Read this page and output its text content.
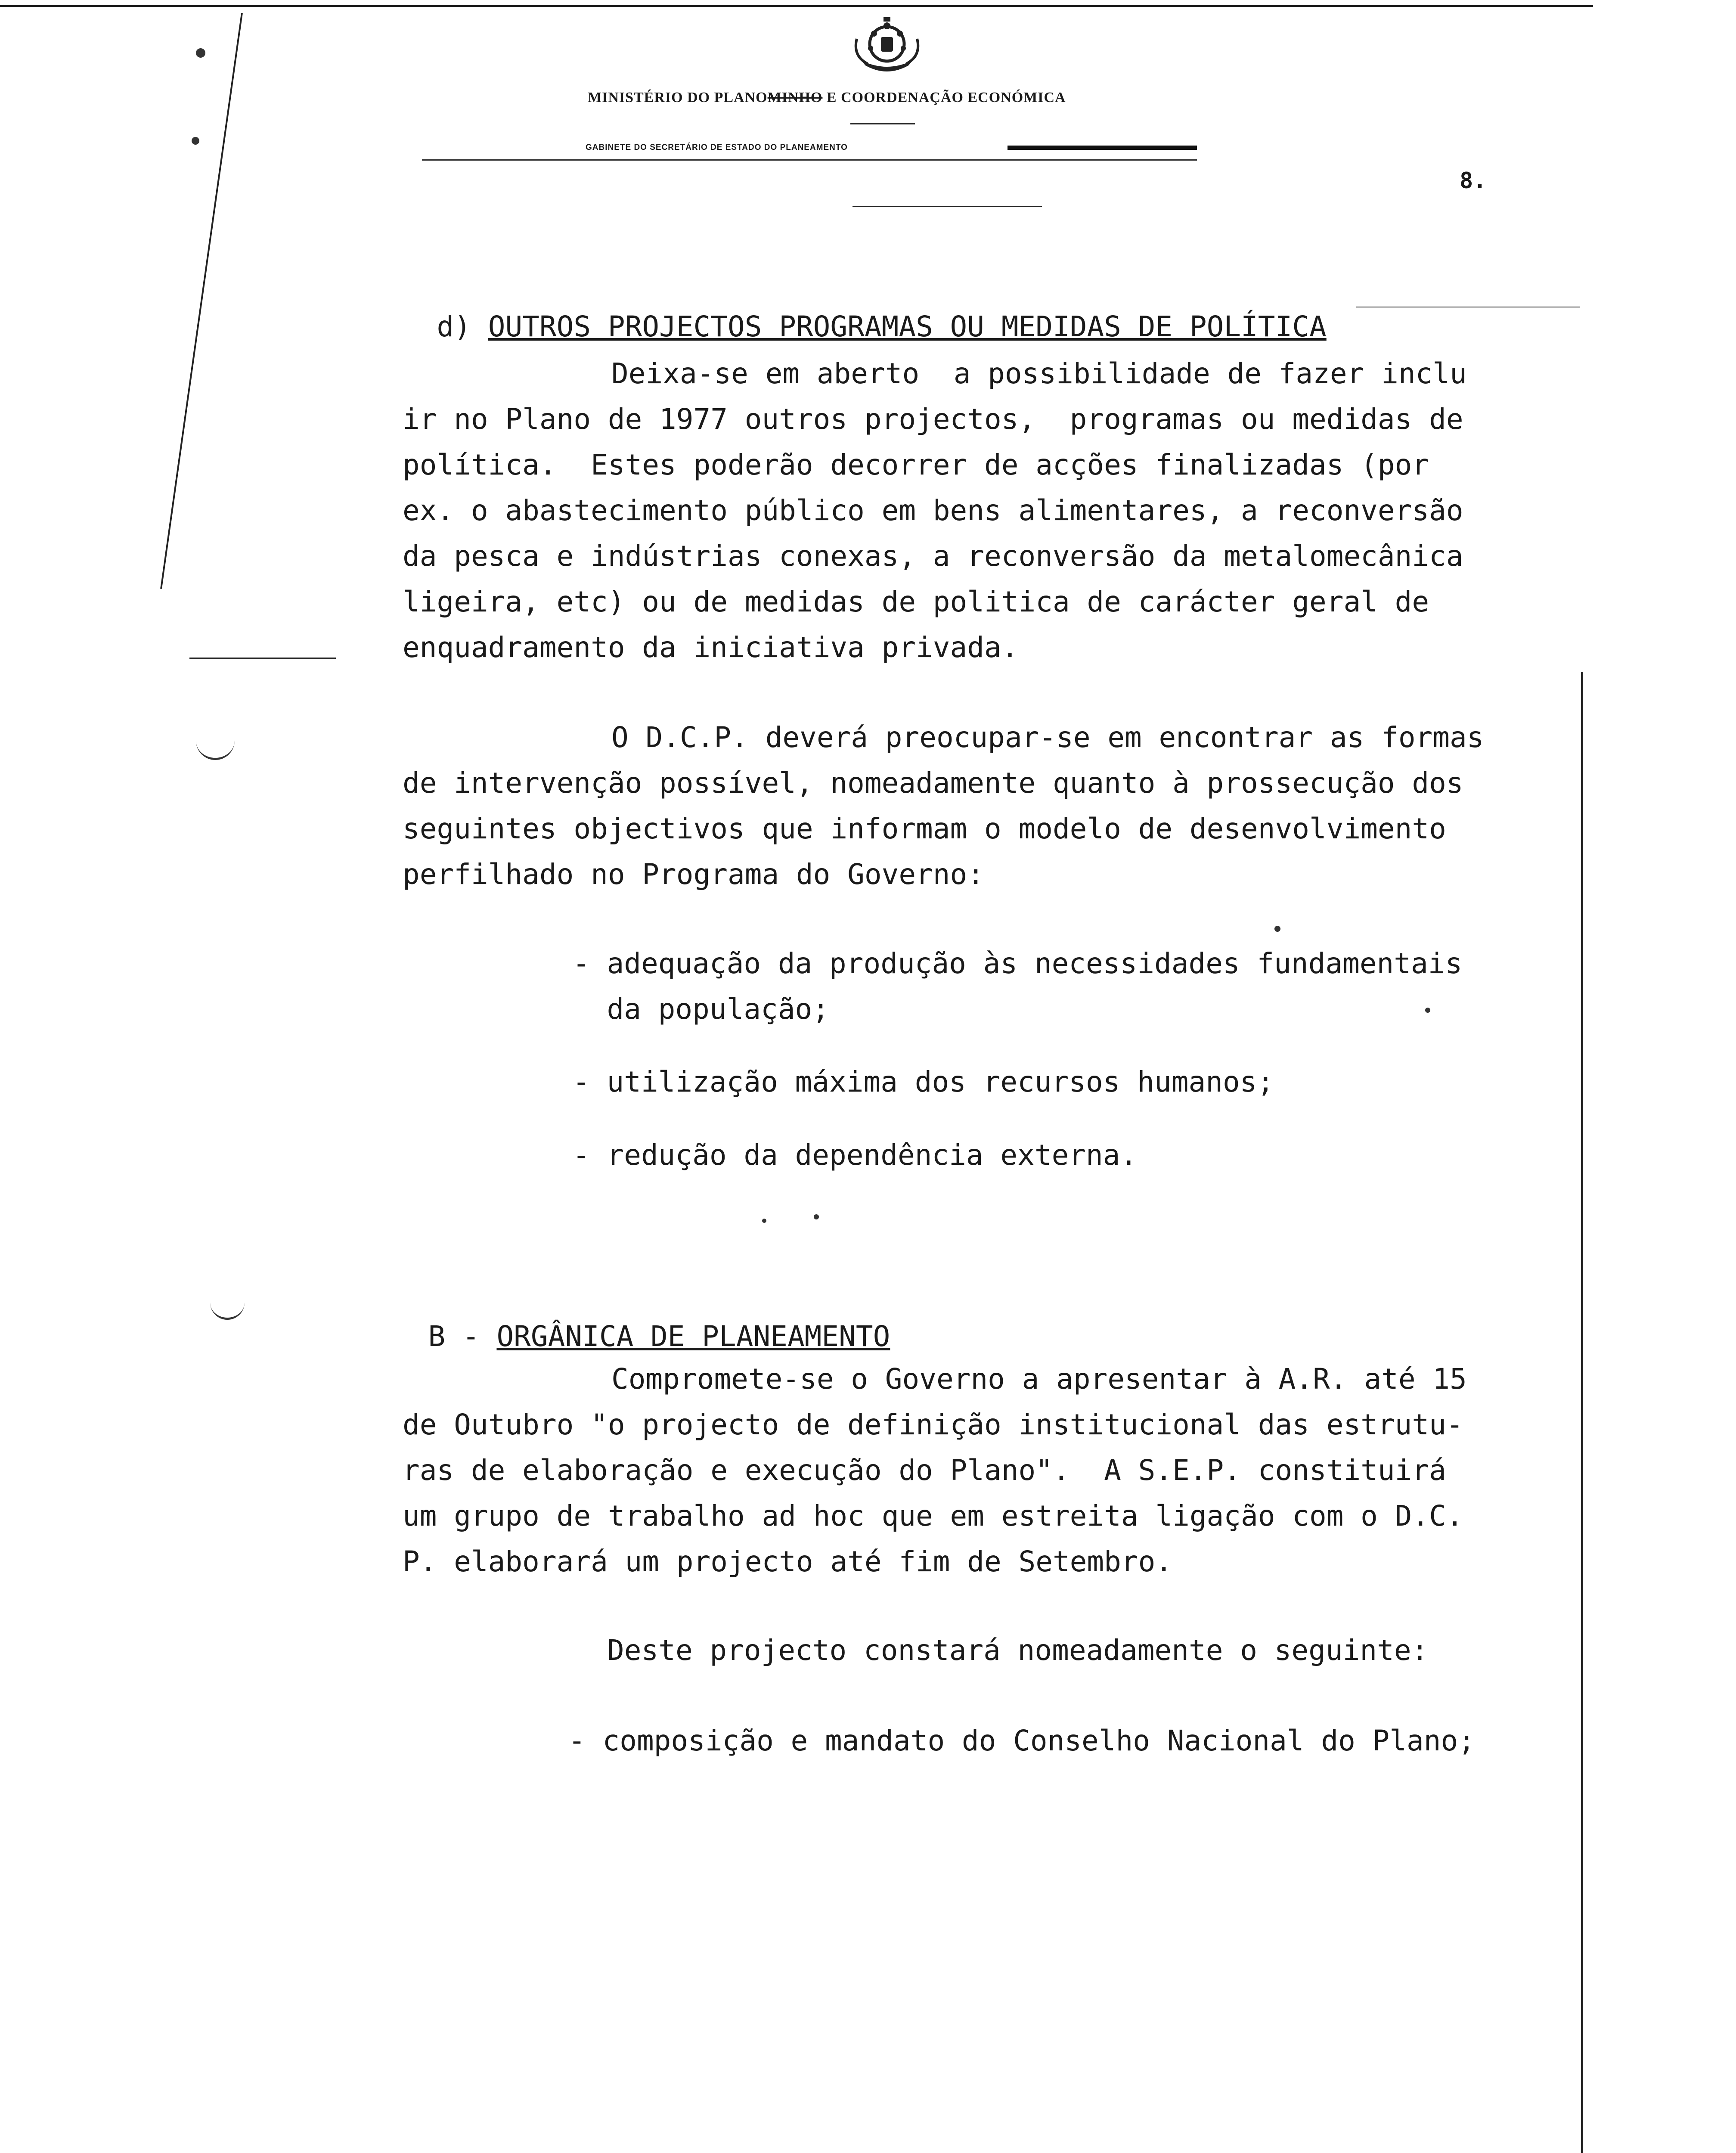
MINISTÉRIO DO PLANOMINHO E COORDENAÇÃO ECONÓMICA
GABINETE DO SECRETÁRIO DE ESTADO DO PLANEAMENTO
8.

d) OUTROS PROJECTOS PROGRAMAS OU MEDIDAS DE POLÍTICA

Deixa-se em aberto  a possibilidade de fazer inclu
ir no Plano de 1977 outros projectos,  programas ou medidas de
política.  Estes poderão decorrer de acções finalizadas (por
ex. o abastecimento público em bens alimentares, a reconversão
da pesca e indústrias conexas, a reconversão da metalomecânica
ligeira, etc) ou de medidas de politica de carácter geral de
enquadramento da iniciativa privada.
O D.C.P. deverá preocupar-se em encontrar as formas
de intervenção possível, nomeadamente quanto à prossecução dos
seguintes objectivos que informam o modelo de desenvolvimento
perfilhado no Programa do Governo:
- adequação da produção às necessidades fundamentais
da população;
- utilização máxima dos recursos humanos;
- redução da dependência externa.

B - ORGÂNICA DE PLANEAMENTO

Compromete-se o Governo a apresentar à A.R. até 15
de Outubro "o projecto de definição institucional das estrutu-
ras de elaboração e execução do Plano".  A S.E.P. constituirá
um grupo de trabalho ad hoc que em estreita ligação com o D.C.
P. elaborará um projecto até fim de Setembro.
Deste projecto constará nomeadamente o seguinte:
- composição e mandato do Conselho Nacional do Plano;
